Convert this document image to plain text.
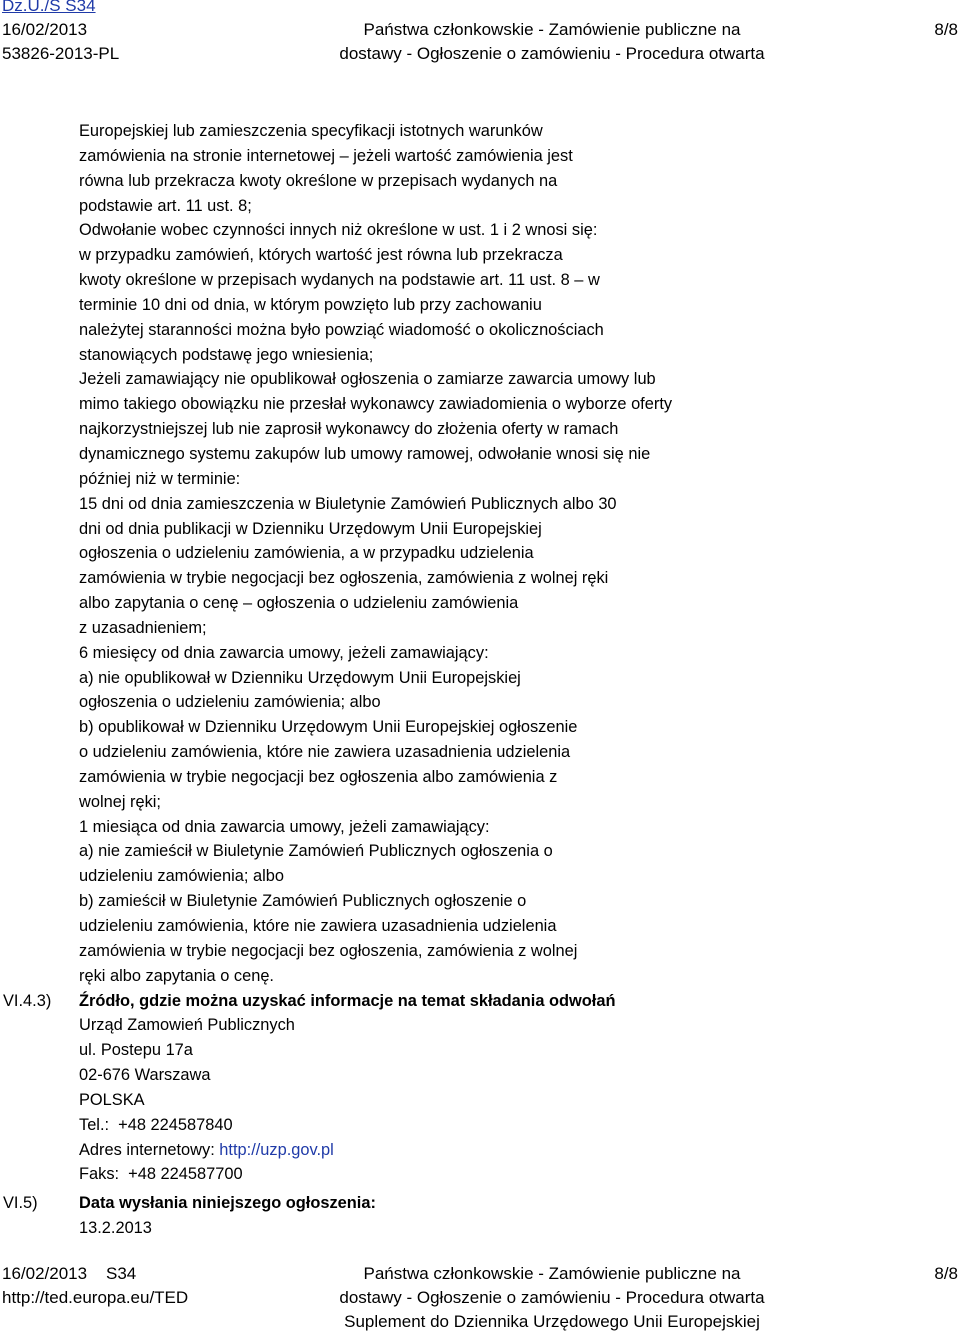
Dz.U./S S34
16/02/2013
53826-2013-PL
Państwa członkowskie - Zamówienie publiczne na
dostawy - Ogłoszenie o zamówieniu - Procedura otwarta
8/8

Europejskiej lub zamieszczenia specyfikacji istotnych warunków

zamówienia na stronie internetowej – jeżeli wartość zamówienia jest

równa lub przekracza kwoty określone w przepisach wydanych na

podstawie art. 11 ust. 8;

Odwołanie wobec czynności innych niż określone w ust. 1 i 2 wnosi się:

w przypadku zamówień, których wartość jest równa lub przekracza

kwoty określone w przepisach wydanych na podstawie art. 11 ust. 8 – w

terminie 10 dni od dnia, w którym powzięto lub przy zachowaniu

należytej staranności można było powziąć wiadomość o okolicznościach

stanowiących podstawę jego wniesienia;

Jeżeli zamawiający nie opublikował ogłoszenia o zamiarze zawarcia umowy lub

mimo takiego obowiązku nie przesłał wykonawcy zawiadomienia o wyborze oferty

najkorzystniejszej lub nie zaprosił wykonawcy do złożenia oferty w ramach

dynamicznego systemu zakupów lub umowy ramowej, odwołanie wnosi się nie

później niż w terminie:

15 dni od dnia zamieszczenia w Biuletynie Zamówień Publicznych albo 30

dni od dnia publikacji w Dzienniku Urzędowym Unii Europejskiej

ogłoszenia o udzieleniu zamówienia, a w przypadku udzielenia

zamówienia w trybie negocjacji bez ogłoszenia, zamówienia z wolnej ręki

albo zapytania o cenę – ogłoszenia o udzieleniu zamówienia

z uzasadnieniem;

6 miesięcy od dnia zawarcia umowy, jeżeli zamawiający:

a) nie opublikował w Dzienniku Urzędowym Unii Europejskiej

ogłoszenia o udzieleniu zamówienia; albo

b) opublikował w Dzienniku Urzędowym Unii Europejskiej ogłoszenie

o udzieleniu zamówienia, które nie zawiera uzasadnienia udzielenia

zamówienia w trybie negocjacji bez ogłoszenia albo zamówienia z

wolnej ręki;

1 miesiąca od dnia zawarcia umowy, jeżeli zamawiający:

a) nie zamieścił w Biuletynie Zamówień Publicznych ogłoszenia o

udzieleniu zamówienia; albo

b) zamieścił w Biuletynie Zamówień Publicznych ogłoszenie o

udzieleniu zamówienia, które nie zawiera uzasadnienia udzielenia

zamówienia w trybie negocjacji bez ogłoszenia, zamówienia z wolnej

ręki albo zapytania o cenę.

VI.4.3) Źródło, gdzie można uzyskać informacje na temat składania odwołań

Urząd Zamowień Publicznych

ul. Postepu 17a

02-676 Warszawa

POLSKA

Tel.:  +48 224587840

Adres internetowy: http://uzp.gov.pl

Faks:  +48 224587700

VI.5)	Data wysłania niniejszego ogłoszenia:

13.2.2013

16/02/2013 S34
http://ted.europa.eu/TED
Państwa członkowskie - Zamówienie publiczne na
dostawy - Ogłoszenie o zamówieniu - Procedura otwarta
Suplement do Dziennika Urzędowego Unii Europejskiej
8/8
